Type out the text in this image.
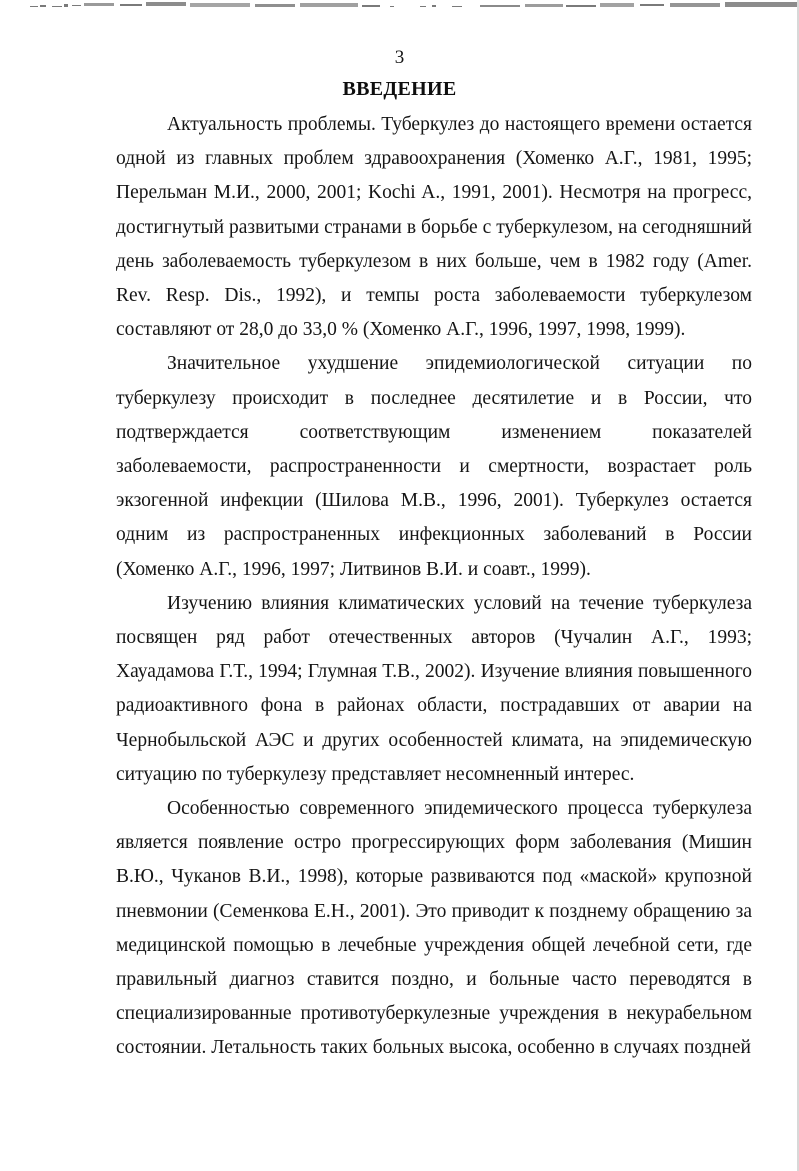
3
ВВЕДЕНИЕ

Актуальность проблемы. Туберкулез до настоящего времени остается одной из главных проблем здравоохранения (Хоменко А.Г., 1981, 1995; Перельман М.И., 2000, 2001; Kochi A., 1991, 2001). Несмотря на прогресс, достигнутый развитыми странами в борьбе с туберкулезом, на сегодняшний день заболеваемость туберкулезом в них больше, чем в 1982 году (Amer. Rev. Resp. Dis., 1992), и темпы роста заболеваемости туберкулезом составляют от 28,0 до 33,0 % (Хоменко А.Г., 1996, 1997, 1998, 1999).

Значительное ухудшение эпидемиологической ситуации по туберкулезу происходит в последнее десятилетие и в России, что подтверждается соответствующим изменением показателей заболеваемости, распространенности и смертности, возрастает роль экзогенной инфекции (Шилова М.В., 1996, 2001). Туберкулез остается одним из распространенных инфекционных заболеваний в России (Хоменко А.Г., 1996, 1997; Литвинов В.И. и соавт., 1999).

Изучению влияния климатических условий на течение туберкулеза посвящен ряд работ отечественных авторов (Чучалин А.Г., 1993; Хауадамова Г.Т., 1994; Глумная Т.В., 2002). Изучение влияния повышенного радиоактивного фона в районах области, пострадавших от аварии на Чернобыльской АЭС и других особенностей климата, на эпидемическую ситуацию по туберкулезу представляет несомненный интерес.

Особенностью современного эпидемического процесса туберкулеза является появление остро прогрессирующих форм заболевания (Мишин В.Ю., Чуканов В.И., 1998), которые развиваются под «маской» крупозной пневмонии (Семенкова Е.Н., 2001). Это приводит к позднему обращению за медицинской помощью в лечебные учреждения общей лечебной сети, где правильный диагноз ставится поздно, и больные часто переводятся в специализированные противотуберкулезные учреждения в некурабельном состоянии. Летальность таких больных высока, особенно в случаях поздней
